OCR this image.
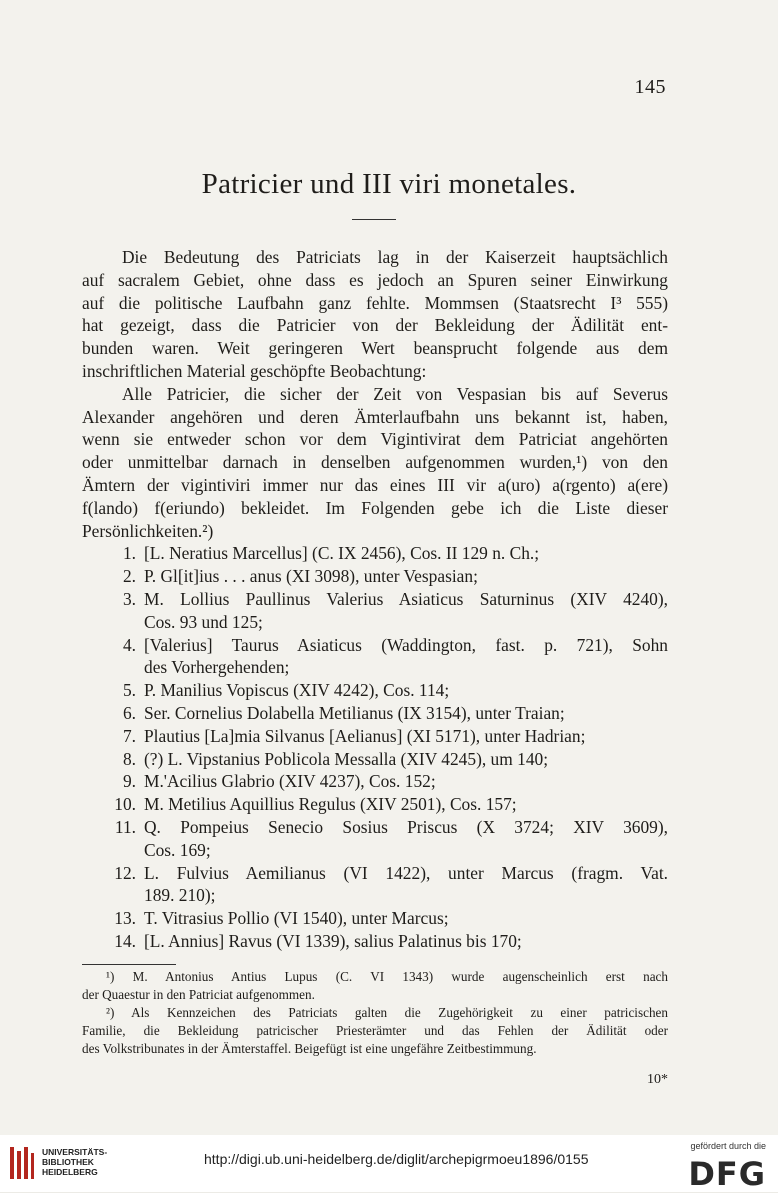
145
Patricier und III viri monetales.

Die Bedeutung des Patriciats lag in der Kaiserzeit hauptsächlich
auf sacralem Gebiet, ohne dass es jedoch an Spuren seiner Einwirkung
auf die politische Laufbahn ganz fehlte. Mommsen (Staatsrecht I³ 555)
hat gezeigt, dass die Patricier von der Bekleidung der Ädilität ent-
bunden waren. Weit geringeren Wert beansprucht folgende aus dem
inschriftlichen Material geschöpfte Beobachtung:

Alle Patricier, die sicher der Zeit von Vespasian bis auf Severus
Alexander angehören und deren Ämterlaufbahn uns bekannt ist, haben,
wenn sie entweder schon vor dem Vigintivirat dem Patriciat angehörten
oder unmittelbar darnach in denselben aufgenommen wurden,¹) von den
Ämtern der vigintiviri immer nur das eines III vir a(uro) a(rgento) a(ere)
f(lando) f(eriundo) bekleidet. Im Folgenden gebe ich die Liste dieser
Persönlichkeiten.²)

1. [L. Neratius Marcellus] (C. IX 2456), Cos. II 129 n. Ch.;
2. P. Gl[it]ius . . . anus (XI 3098), unter Vespasian;
3. M. Lollius Paullinus Valerius Asiaticus Saturninus (XIV 4240),
Cos. 93 und 125;
4. [Valerius] Taurus Asiaticus (Waddington, fast. p. 721), Sohn
des Vorhergehenden;
5. P. Manilius Vopiscus (XIV 4242), Cos. 114;
6. Ser. Cornelius Dolabella Metilianus (IX 3154), unter Traian;
7. Plautius [La]mia Silvanus [Aelianus] (XI 5171), unter Hadrian;
8. (?) L. Vipstanius Poblicola Messalla (XIV 4245), um 140;
9. M.'Acilius Glabrio (XIV 4237), Cos. 152;
10. M. Metilius Aquillius Regulus (XIV 2501), Cos. 157;
11. Q. Pompeius Senecio Sosius Priscus (X 3724; XIV 3609),
Cos. 169;
12. L. Fulvius Aemilianus (VI 1422), unter Marcus (fragm. Vat.
189. 210);
13. T. Vitrasius Pollio (VI 1540), unter Marcus;
14. [L. Annius] Ravus (VI 1339), salius Palatinus bis 170;

¹) M. Antonius Antius Lupus (C. VI 1343) wurde augenscheinlich erst nach
der Quaestur in den Patriciat aufgenommen.

²) Als Kennzeichen des Patriciats galten die Zugehörigkeit zu einer patricischen
Familie, die Bekleidung patricischer Priesterämter und das Fehlen der Ädilität oder
des Volkstribunates in der Ämterstaffel. Beigefügt ist eine ungefähre Zeitbestimmung.

10*
UNIVERSITÄTS-
BIBLIOTHEK
HEIDELBERG
http://digi.ub.uni-heidelberg.de/diglit/archepigrmoeu1896/0155
gefördert durch die
DFG
